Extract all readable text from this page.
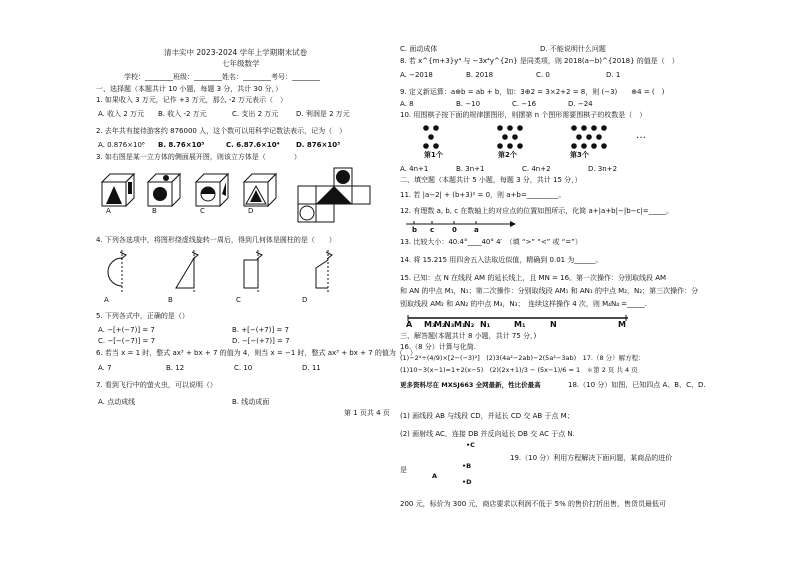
清丰实中 2023-2024 学年上学期期末试卷
七年级数学
学校：________班级：________姓名：________考号：________
一、选择题（本题共计 10 小题，每题 3 分，共计 30 分，）
1. 如果收入 3 万元，记作 +3 万元，那么 -2 万元表示（　）
A. 收入 2 万元 B. 收入 -2 万元	C. 支出 2 万元	D. 利润是 2 万元
2. 去年共有接待游客约 876000 人，这个数可以用科学记数法表示，记为（　）
A. 0.876×10⁶ B. 8.76×10⁵	C. 6.87.6×10⁴ D. 876×10³
3. 如右图是某一立方体的侧面展开图，则该立方体是（　　　　）
A	B	C	D
4. 下列各选项中，将图形绕虚线旋转一周后，得到几何体是圆柱的是（　　）
A	B	C	D
5. 下列各式中，正确的是（）
A. −[+(−7)] = 7	B. +[−(+7)] = 7
C. −[−(−7)] = 7	D. −[−(+7)] = 7
6. 若当 x = 1 时，整式 ax³ + bx + 7 的值为 4，则当 x = −1 时，整式 ax³ + bx + 7 的值为（　）
A. 7	B. 12	C. 10	D. 11
7. 看到飞行中的萤火虫，可以说明（）
A. 点动成线	B. 线动成面
第 1 页共 4 页
C. 面动成体	D. 不能说明什么问题
8. 若 x^{m+3}y⁴ 与 −3x⁴y^{2n} 是同类项，则 2018(a−b)^{2018} 的值是（　）
A. −2018	B. 2018	C. 0	D. 1
9. 定义新运算：a⊕b = ab + b，如：3⊕2 = 3×2+2 = 8，则 (−3)　　⊕4 = (　)
A. 8	B. −10	C. −16	D. −24
10. 用围棋子按下面的规律摆图形，则摆第 n 个图形需要围棋子的枚数是（　）
…
第1个	第2个	第3个
A. 4n+1	B. 3n+1	C. 4n+2	D. 3n+2
二、填空题（本题共计 5 小题，每题 3 分，共计 15 分，）
11. 若 |a−2| + (b+3)² = 0，则 a+b=_________。
12. 有理数 a, b, c 在数轴上的对应点的位置如图所示，化简 a+|a+b|−|b−c|=_____。
b c	0 a
13. 比较大小：40.4°____40° 4′　（填 “>” “<” 或 “=”）
14. 将 15.215 用四舍五入法取近似值，精确到 0.01 为______。
15. 已知：点 N 在线段 AM 的延长线上，且 MN = 16。第一次操作：分别取线段 AM
和 AN 的中点 M₁，N₁；第二次操作：分别取线段 AM₁ 和 AN₁ 的中点 M₂，N₂；第三次操作：分
别取线段 AM₂ 和 AN₂ 的中点 M₃，N₃；　连续这样操作 4 次，则 M₄N₄ =_____.
A M₃
M₂
N₃ M₁
N₂ N₁	M₁	N	M
三、解答题(本题共计 8 小题，共计 75 分，)
16.（8 分）计算与化简.
(1)−2⁴÷(4/9)×[2−(−3)²]　(2)3(4a²−2ab)−2(5a²−3ab)　17.（8 分）解方程：
(1)10−3(x−1)=1+2(x−5)　(2)(2x+1)/3 − (5x−1)/6 = 1　＊第 2 页 共 4 页
更多资料尽在 MXSJ663 全网最新，性比价最高	18.（10 分）如图，已知四点 A、B、C、D.
(1) 画线段 AB 与线段 CD，并延长 CD 交 AB 于点 M；
(2) 画射线 AC，连接 DB 并反向延长 DB 交 AC 于点 N.
•C
•B
A
•D
19.（10 分）利用方程解决下面问题，某商品的进价
是
200 元，标价为 300 元，商店要求以利润不低于 5% 的售价打折出售，售货员最低可
